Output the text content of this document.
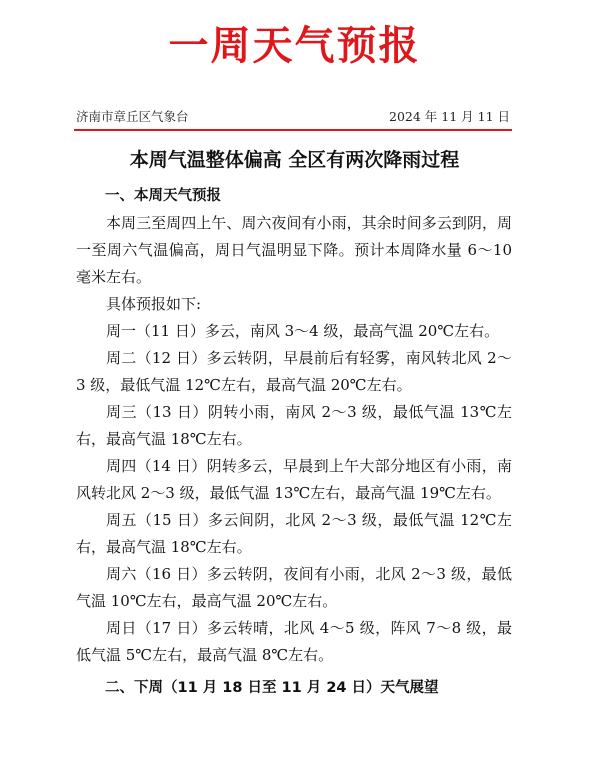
一周天气预报
济南市章丘区气象台	2024 年 11 月 11 日
本周气温整体偏高 全区有两次降雨过程

一、本周天气预报

本周三至周四上午、周六夜间有小雨，其余时间多云到阴，周一至周六气温偏高，周日气温明显下降。预计本周降水量 6～10 毫米左右。

具体预报如下:

周一（11 日）多云，南风 3～4 级，最高气温 20℃左右。

周二（12 日）多云转阴，早晨前后有轻雾，南风转北风 2～3 级，最低气温 12℃左右，最高气温 20℃左右。

周三（13 日）阴转小雨，南风 2～3 级，最低气温 13℃左右，最高气温 18℃左右。

周四（14 日）阴转多云，早晨到上午大部分地区有小雨，南风转北风 2～3 级，最低气温 13℃左右，最高气温 19℃左右。

周五（15 日）多云间阴，北风 2～3 级，最低气温 12℃左右，最高气温 18℃左右。

周六（16 日）多云转阴，夜间有小雨，北风 2～3 级，最低气温 10℃左右，最高气温 20℃左右。

周日（17 日）多云转晴，北风 4～5 级，阵风 7～8 级，最低气温 5℃左右，最高气温 8℃左右。

二、下周（11 月 18 日至 11 月 24 日）天气展望
